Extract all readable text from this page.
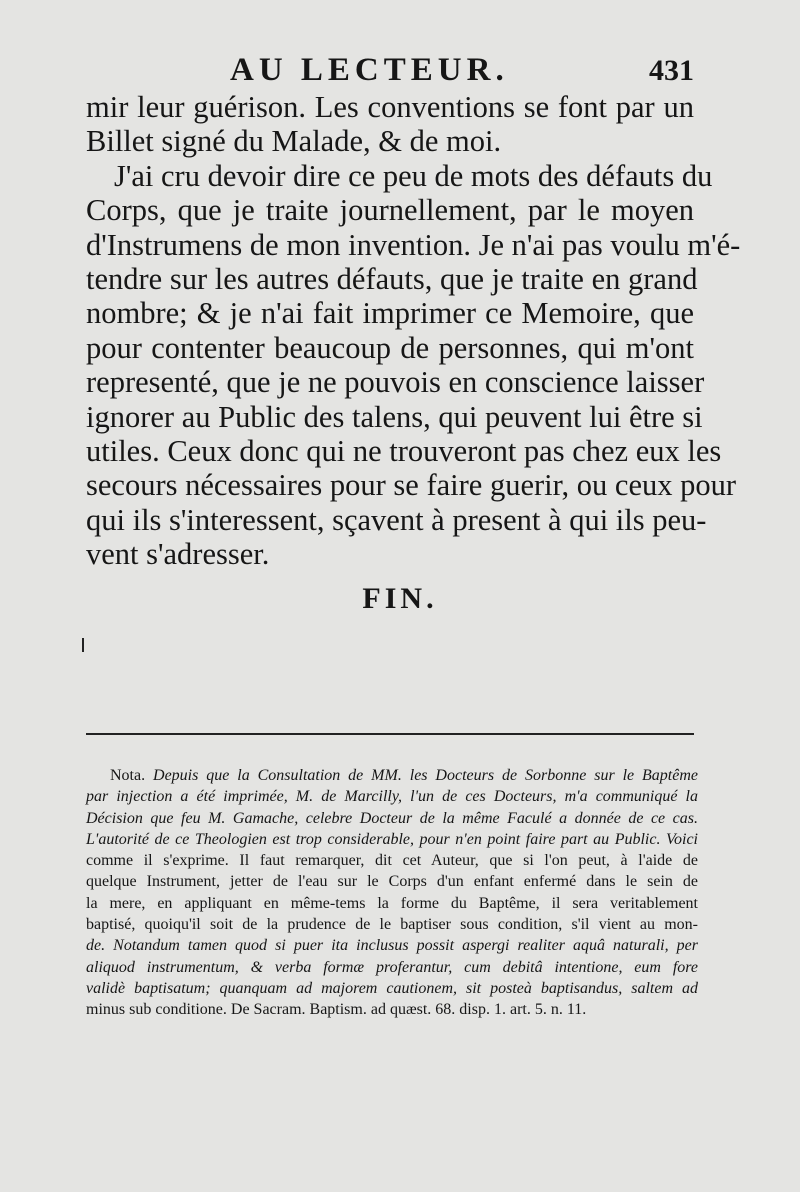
AU LECTEUR.	431
mir leur guérison. Les conventions se font par un
Billet signé du Malade, & de moi.
J'ai cru devoir dire ce peu de mots des défauts du
Corps, que je traite journellement, par le moyen
d'Instrumens de mon invention. Je n'ai pas voulu m'é-
tendre sur les autres défauts, que je traite en grand
nombre; & je n'ai fait imprimer ce Memoire, que
pour contenter beaucoup de personnes, qui m'ont
representé, que je ne pouvois en conscience laisser
ignorer au Public des talens, qui peuvent lui être si
utiles. Ceux donc qui ne trouveront pas chez eux les
secours nécessaires pour se faire guerir, ou ceux pour
qui ils s'interessent, sçavent à present à qui ils peu-
vent s'adresser.
FIN.
Nota. Depuis que la Consultation de MM. les Docteurs de Sorbonne sur le Baptême
par injection a été imprimée, M. de Marcilly, l'un de ces Docteurs, m'a communiqué la
Décision que feu M. Gamache, celebre Docteur de la même Faculé a donnée de ce cas.
L'autorité de ce Theologien est trop considerable, pour n'en point faire part au Public. Voici
comme il s'exprime. Il faut remarquer, dit cet Auteur, que si l'on peut, à l'aide de
quelque Instrument, jetter de l'eau sur le Corps d'un enfant enfermé dans le sein de
la mere, en appliquant en même-tems la forme du Baptême, il sera veritablement
baptisé, quoiqu'il soit de la prudence de le baptiser sous condition, s'il vient au mon-
de. Notandum tamen quod si puer ita inclusus possit aspergi realiter aquâ naturali, per
aliquod instrumentum, & verba formæ proferantur, cum debitâ intentione, eum fore
validè baptisatum; quanquam ad majorem cautionem, sit posteà baptisandus, saltem ad
minus sub conditione. De Sacram. Baptism. ad quæst. 68. disp. 1. art. 5. n. 11.
